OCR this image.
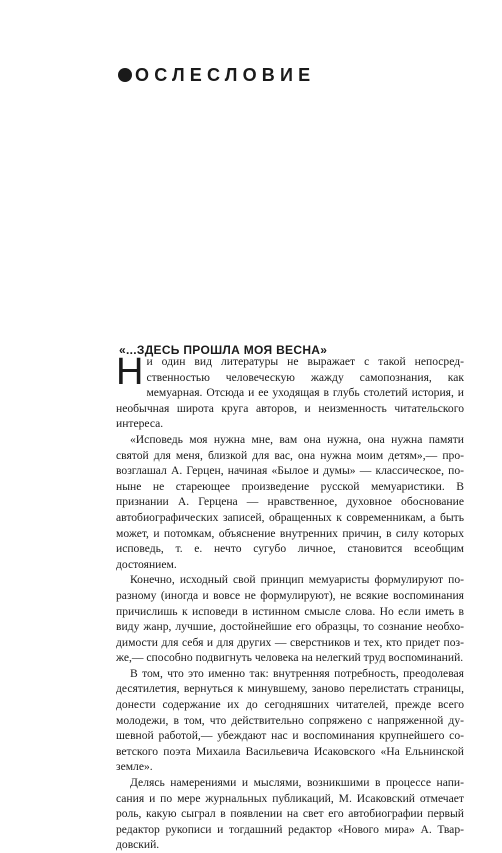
ОСЛЕСЛОВИЕ
«...ЗДЕСЬ ПРОШЛА МОЯ ВЕСНА»

Ни один вид литературы не выражает с такой непосредственностью человеческую жажду самопознания, как мемуарная. Отсюда и ее уходящая в глубь столетий история, и необычная широта круга авторов, и неизменность читательского интереса.

«Исповедь моя нужна мне, вам она нужна, она нужна памяти святой для меня, близкой для вас, она нужна моим детям»,— провозглашал А. Герцен, начиная «Былое и думы» — классическое, поныне не стареющее произведение русской мемуаристики. В признании А. Герцена — нравственное, духовное обоснование автобиографических записей, обращенных к современникам, а быть может, и потомкам, объяснение внутренних причин, в силу которых исповедь, т. е. нечто сугубо личное, становится всеобщим достоянием.

Конечно, исходный свой принцип мемуаристы формулируют поразному (иногда и вовсе не формулируют), не всякие воспоминания причислишь к исповеди в истинном смысле слова. Но если иметь в виду жанр, лучшие, достойнейшие его образцы, то сознание необходимости для себя и для других — сверстников и тех, кто придет позже,— способно подвигнуть человека на нелегкий труд воспоминаний.

В том, что это именно так: внутренняя потребность, преодолевая десятилетия, вернуться к минувшему, заново перелистать страницы, донести содержание их до сегодняшних читателей, прежде всего молодежи, в том, что действительно сопряжено с напряженной душевной работой,— убеждают нас и воспоминания крупнейшего советского поэта Михаила Васильевича Исаковского «На Ельнинской земле».

Делясь намерениями и мыслями, возникшими в процессе написания и по мере журнальных публикаций, М. Исаковский отмечает роль, какую сыграл в появлении на свет его автобиографии первый редактор рукописи и тогдашний редактор «Нового мира» А. Твардовский.
